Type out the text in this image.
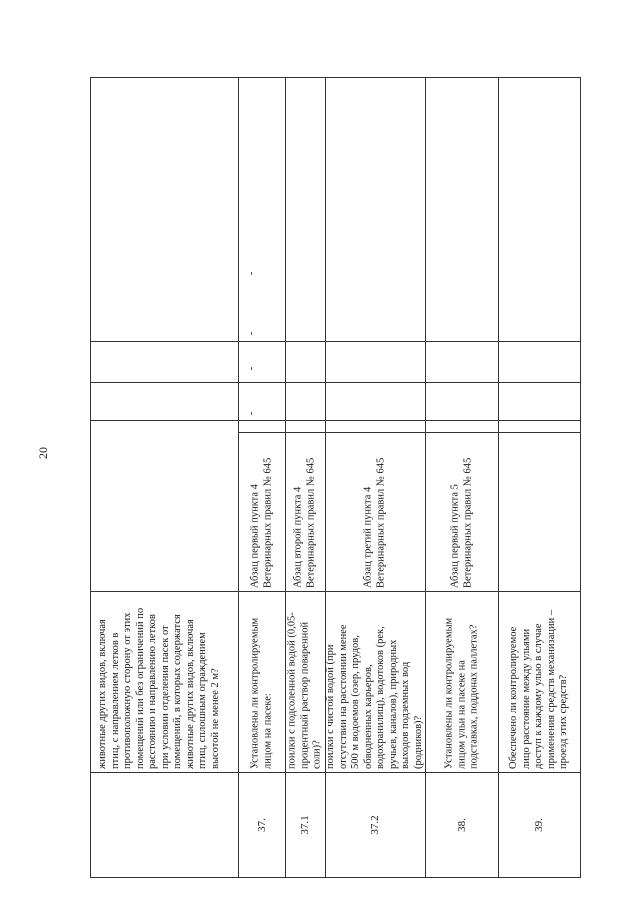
20
животные других видов, включая птиц, с направлением летков в противоположную сторону от этих помещений или без ограничений по расстоянию и направлению летков при условии отделения пасек от помещений, в которых содержатся животные других видов, включая птиц, сплошным ограждением высотой не менее 2 м?
37.
Установлены ли контролируемым лицом на пасеке:
Абзац первый пункта 4 Ветеринарных правил № 645
37.1
поилки с подсоленной водой (0,05- процентный раствор поваренной соли)?
Абзац второй пункта 4 Ветеринарных правил № 645
37.2
поилки с чистой водой (при отсутствии на расстоянии менее 500 м водоемов (озер, прудов, обводненных карьеров, водохранилищ), водотоков (рек, ручьев, каналов), природных выходов подземных вод (родников)?
Абзац третий пункта 4 Ветеринарных правил № 645
38.
Установлены ли контролируемым лицом ульи на пасеке на подставках, поддонах паллетах?
Абзац первый пункта 5 Ветеринарных правил № 645
39.
Обеспечено ли контролируемое лицо расстояние между ульями доступ к каждому улью в случае применения средств механизации – проезд этих средств?
